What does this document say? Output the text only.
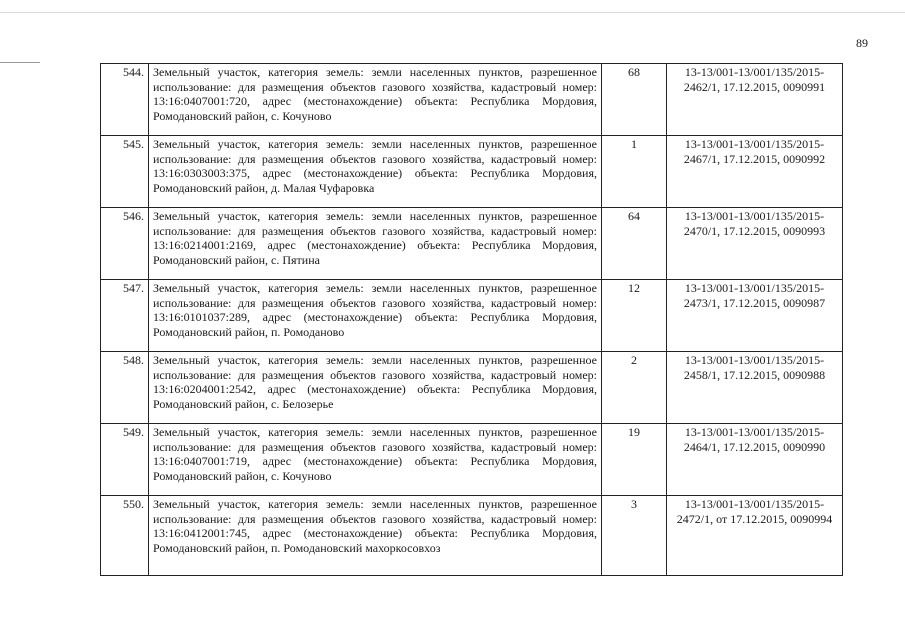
89
544.	Земельный участок, категория земель: земли населенных пунктов, разрешенное использование: для размещения объектов газового хозяйства, кадастровый номер: 13:16:0407001:720, адрес (местонахождение) объекта: Республика Мордовия, Ромодановский район, с. Кочуново	68	13-13/001-13/001/135/2015-2462/1, 17.12.2015, 0090991
545.	Земельный участок, категория земель: земли населенных пунктов, разрешенное использование: для размещения объектов газового хозяйства, кадастровый номер: 13:16:0303003:375, адрес (местонахождение) объекта: Республика Мордовия, Ромодановский район, д. Малая Чуфаровка	1	13-13/001-13/001/135/2015-2467/1, 17.12.2015, 0090992
546.	Земельный участок, категория земель: земли населенных пунктов, разрешенное использование: для размещения объектов газового хозяйства, кадастровый номер: 13:16:0214001:2169, адрес (местонахождение) объекта: Республика Мордовия, Ромодановский район, с. Пятина	64	13-13/001-13/001/135/2015-2470/1, 17.12.2015, 0090993
547.	Земельный участок, категория земель: земли населенных пунктов, разрешенное использование: для размещения объектов газового хозяйства, кадастровый номер: 13:16:0101037:289, адрес (местонахождение) объекта: Республика Мордовия, Ромодановский район, п. Ромоданово	12	13-13/001-13/001/135/2015-2473/1, 17.12.2015, 0090987
548.	Земельный участок, категория земель: земли населенных пунктов, разрешенное использование: для размещения объектов газового хозяйства, кадастровый номер: 13:16:0204001:2542, адрес (местонахождение) объекта: Республика Мордовия, Ромодановский район, с. Белозерье	2	13-13/001-13/001/135/2015-2458/1, 17.12.2015, 0090988
549.	Земельный участок, категория земель: земли населенных пунктов, разрешенное использование: для размещения объектов газового хозяйства, кадастровый номер: 13:16:0407001:719, адрес (местонахождение) объекта: Республика Мордовия, Ромодановский район, с. Кочуново	19	13-13/001-13/001/135/2015-2464/1, 17.12.2015, 0090990
550.	Земельный участок, категория земель: земли населенных пунктов, разрешенное использование: для размещения объектов газового хозяйства, кадастровый номер: 13:16:0412001:745, адрес (местонахождение) объекта: Республика Мордовия, Ромодановский район, п. Ромодановский махоркосовхоз	3	13-13/001-13/001/135/2015-2472/1, от 17.12.2015, 0090994
